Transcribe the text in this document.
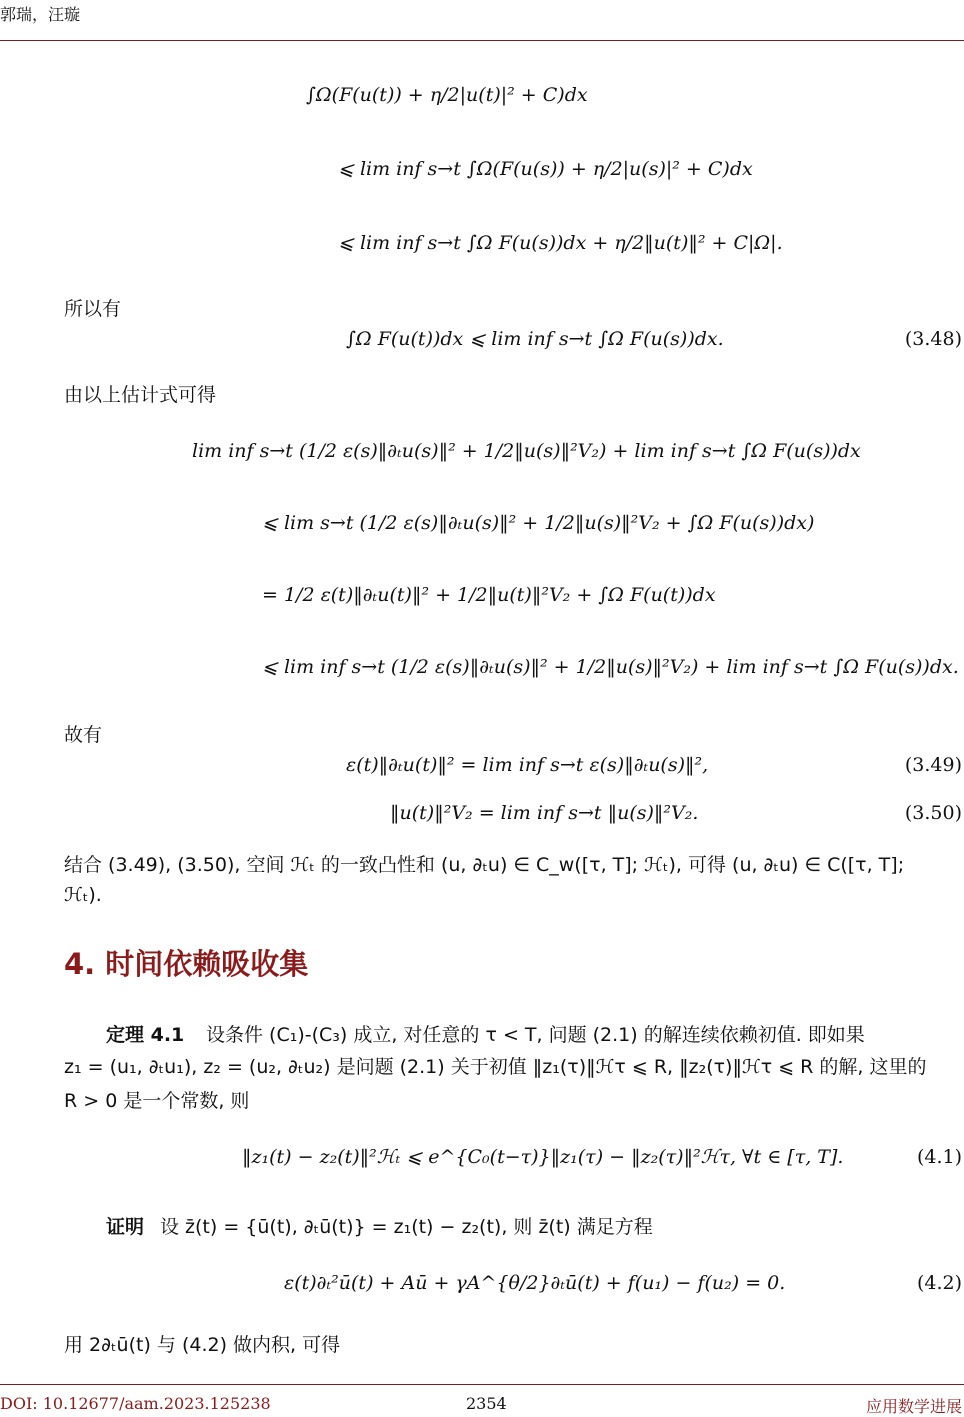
郭瑞，汪璇
∫Ω(F(u(t)) + η/2|u(t)|² + C)dx
⩽ lim inf s→t ∫Ω(F(u(s)) + η/2|u(s)|² + C)dx
⩽ lim inf s→t ∫Ω F(u(s))dx + η/2‖u(t)‖² + C|Ω|.
所以有
∫Ω F(u(t))dx ⩽ lim inf s→t ∫Ω F(u(s))dx.	(3.48)
由以上估计式可得
lim inf s→t (1/2 ε(s)‖∂ₜu(s)‖² + 1/2‖u(s)‖²V₂) + lim inf s→t ∫Ω F(u(s))dx
⩽ lim s→t (1/2 ε(s)‖∂ₜu(s)‖² + 1/2‖u(s)‖²V₂ + ∫Ω F(u(s))dx)
= 1/2 ε(t)‖∂ₜu(t)‖² + 1/2‖u(t)‖²V₂ + ∫Ω F(u(t))dx
⩽ lim inf s→t (1/2 ε(s)‖∂ₜu(s)‖² + 1/2‖u(s)‖²V₂) + lim inf s→t ∫Ω F(u(s))dx.
故有
ε(t)‖∂ₜu(t)‖² = lim inf s→t ε(s)‖∂ₜu(s)‖²,	(3.49)
‖u(t)‖²V₂ = lim inf s→t ‖u(s)‖²V₂.	(3.50)
结合 (3.49), (3.50), 空间 ℋₜ 的一致凸性和 (u, ∂ₜu) ∈ C_w([τ, T]; ℋₜ), 可得 (u, ∂ₜu) ∈ C([τ, T];
ℋₜ).
4. 时间依赖吸收集
定理 4.1 设条件 (C₁)-(C₃) 成立, 对任意的 τ < T, 问题 (2.1) 的解连续依赖初值. 即如果
z₁ = (u₁, ∂ₜu₁), z₂ = (u₂, ∂ₜu₂) 是问题 (2.1) 关于初值 ‖z₁(τ)‖ℋτ ⩽ R, ‖z₂(τ)‖ℋτ ⩽ R 的解, 这里的
R > 0 是一个常数, 则
‖z₁(t) − z₂(t)‖²ℋₜ ⩽ e^{C₀(t−τ)}‖z₁(τ) − ‖z₂(τ)‖²ℋτ, ∀t ∈ [τ, T].	(4.1)
证明 设 z̄(t) = {ū(t), ∂ₜū(t)} = z₁(t) − z₂(t), 则 z̄(t) 满足方程
ε(t)∂ₜ²ū(t) + Aū + γA^{θ/2}∂ₜū(t) + f(u₁) − f(u₂) = 0.	(4.2)
用 2∂ₜū(t) 与 (4.2) 做内积, 可得
DOI: 10.12677/aam.2023.125238	2354	应用数学进展
